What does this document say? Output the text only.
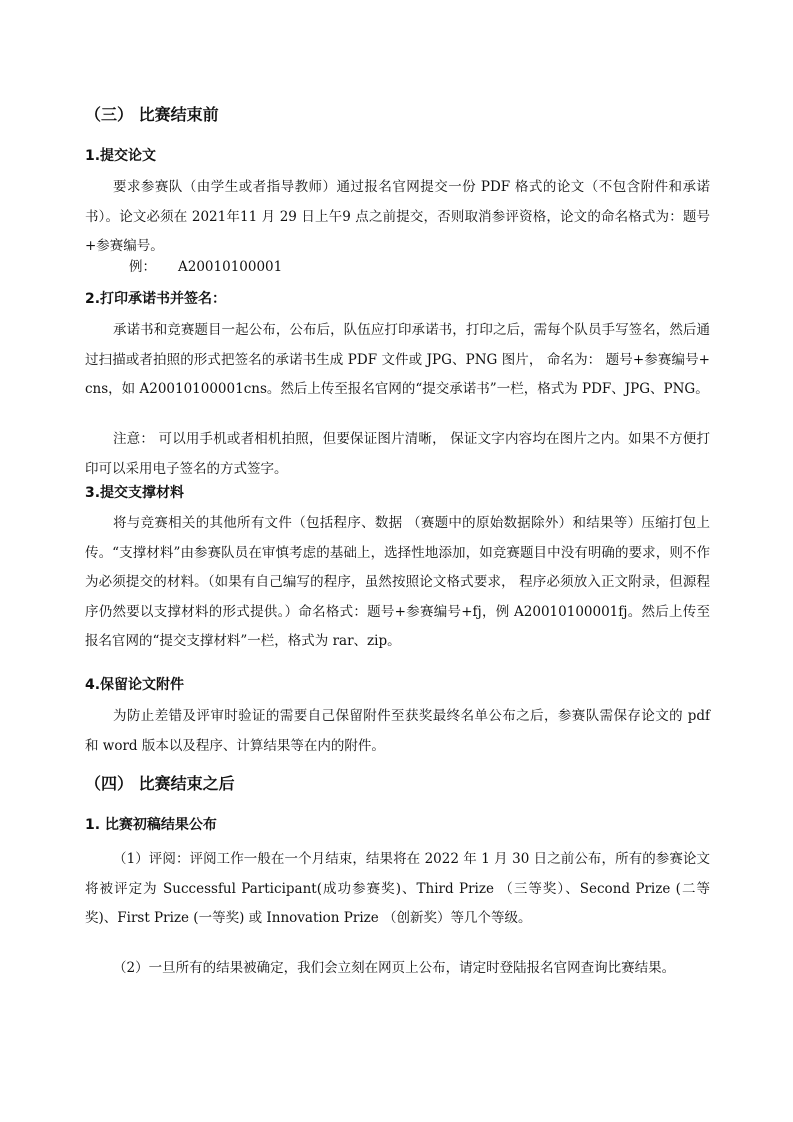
（三） 比赛结束前
1.提交论文

要求参赛队（由学生或者指导教师）通过报名官网提交一份 PDF 格式的论文（不包含附件和承诺书）。论文必须在 2021年11 月 29 日上午9 点之前提交，否则取消参评资格，论文的命名格式为：题号+参赛编号。

例： A20010100001
2.打印承诺书并签名：

承诺书和竞赛题目一起公布，公布后，队伍应打印承诺书，打印之后，需每个队员手写签名，然后通过扫描或者拍照的形式把签名的承诺书生成 PDF 文件或 JPG、PNG 图片， 命名为： 题号+参赛编号+cns，如 A20010100001cns。然后上传至报名官网的“提交承诺书”一栏，格式为 PDF、JPG、PNG。

注意： 可以用手机或者相机拍照，但要保证图片清晰， 保证文字内容均在图片之内。如果不方便打印可以采用电子签名的方式签字。

3.提交支撑材料

将与竞赛相关的其他所有文件（包括程序、数据 （赛题中的原始数据除外）和结果等）压缩打包上传。“支撑材料”由参赛队员在审慎考虑的基础上，选择性地添加，如竞赛题目中没有明确的要求，则不作为必须提交的材料。（如果有自己编写的程序，虽然按照论文格式要求， 程序必须放入正文附录，但源程序仍然要以支撑材料的形式提供。）命名格式：题号+参赛编号+fj，例 A20010100001fj。然后上传至报名官网的“提交支撑材料”一栏，格式为 rar、zip。

4.保留论文附件

为防止差错及评审时验证的需要自己保留附件至获奖最终名单公布之后，参赛队需保存论文的 pdf 和 word 版本以及程序、计算结果等在内的附件。

（四） 比赛结束之后
1. 比赛初稿结果公布

（1）评阅：评阅工作一般在一个月结束，结果将在 2022 年 1 月 30 日之前公布，所有的参赛论文将被评定为 Successful Participant(成功参赛奖)、Third Prize （三等奖）、Second Prize (二等奖)、First Prize (一等奖) 或 Innovation Prize （创新奖）等几个等级。

（2）一旦所有的结果被确定，我们会立刻在网页上公布，请定时登陆报名官网查询比赛结果。
